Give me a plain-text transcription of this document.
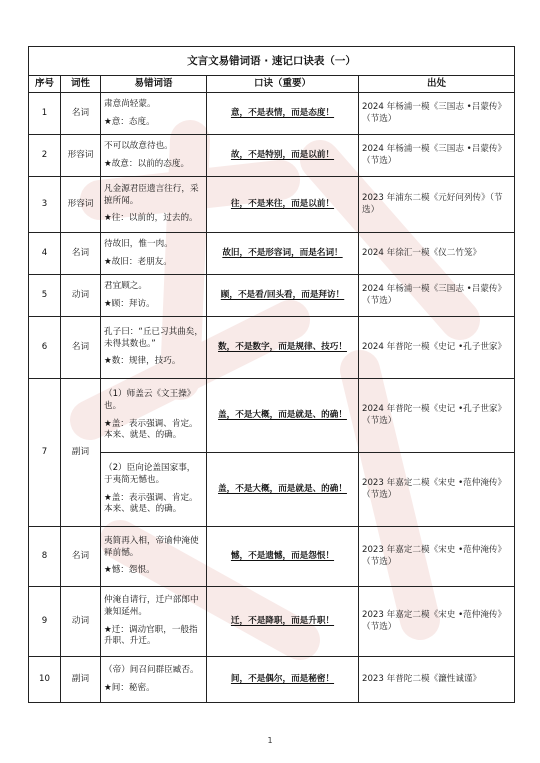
文言文易错词语 · 速记口诀表（一）				
序号	词性	易错词语	口诀（重要）	出处
1	名词	肃意尚轻蒙。

★意：态度。	意，不是表情，而是态度！	2024 年杨浦一模《三国志 •吕蒙传》（节选）
2	形容词	不可以故意待也。

★故意：以前的态度。	故，不是特别，而是以前！	2024 年杨浦一模《三国志 •吕蒙传》（节选）
3	形容词	凡金源君臣遗言往行，采摭所闻。

★往：以前的，过去的。	往，不是来往，而是以前！	2023 年浦东二模《元好问列传》（节选）
4	名词	待故旧，惟一肉。

★故旧：老朋友。	故旧，不是形容词，而是名词！	2024 年徐汇一模《仪二竹笼》
5	动词	君宜顾之。

★顾：拜访。	顾，不是看/回头看，而是拜访！	2024 年杨浦一模《三国志 •吕蒙传》（节选）
6	名词	孔子曰：“丘已习其曲矣，未得其数也。”

★数：规律，技巧。	数，不是数字，而是规律、技巧！	2024 年普陀一模《史记 •孔子世家》
7	副词	（1）师盖云《文王操》也。

★盖：表示强调、肯定。本来、就是、的确。	盖，不是大概，而是就是、的确！	2024 年普陀一模《史记 •孔子世家》（节选）

		（2）臣向论盖国家事，于夷简无憾也。

★盖：表示强调、肯定。本来、就是、的确。	盖，不是大概，而是就是、的确！	2023 年嘉定二模《宋史 •范仲淹传》（节选）
8	名词	夷简再入相，帝谕仲淹使释前憾。

★憾：怨恨。	憾，不是遗憾，而是怨恨！	2023 年嘉定二模《宋史 •范仲淹传》（节选）
9	动词	仲淹自请行，迁户部郎中兼知延州。

★迁：调动官职，一般指升职、升迁。	迁，不是降职，而是升职！	2023 年嘉定二模《宋史 •范仲淹传》（节选）
10	副词	（帝）间召问群臣臧否。

★间：秘密。	间，不是偶尔，而是秘密！	2023 年普陀二模《濂性诚谨》
1
